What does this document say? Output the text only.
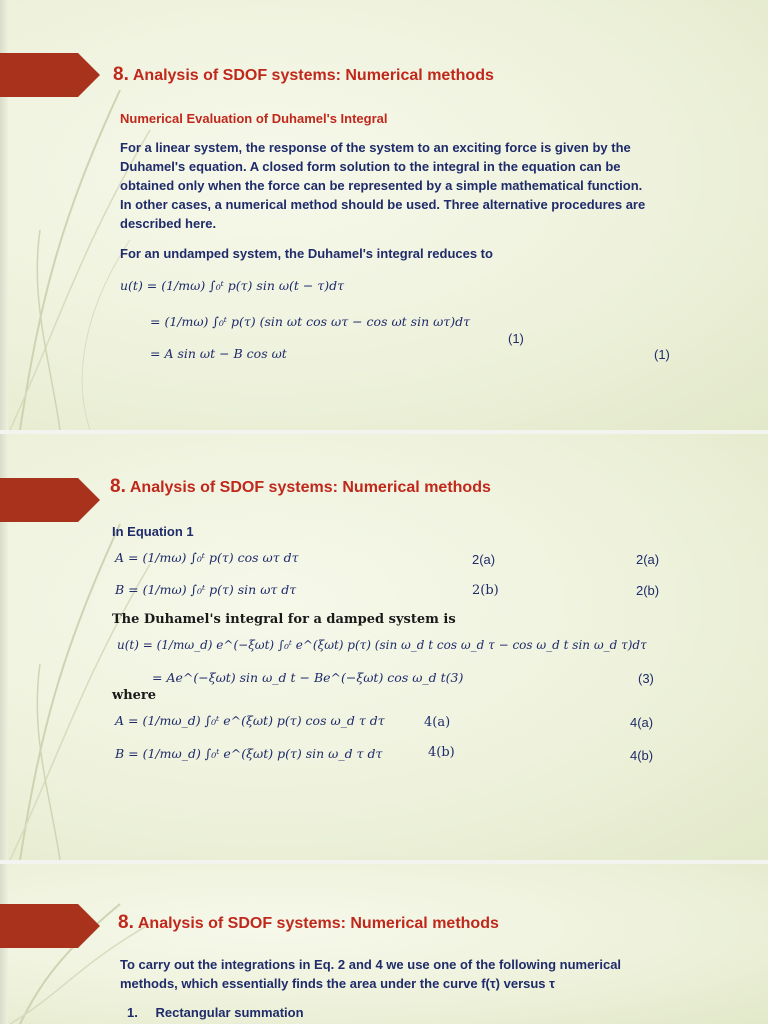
8. Analysis of SDOF systems: Numerical methods
Numerical Evaluation of Duhamel's Integral
For a linear system, the response of the system to an exciting force is given by the
Duhamel's equation. A closed form solution to the integral in the equation can be
obtained only when the force can be represented by a simple mathematical function.
In other cases, a numerical method should be used. Three alternative procedures are
described here.
For an undamped system, the Duhamel's integral reduces to
u(t) = (1/mω) ∫₀ᵗ p(τ) sin ω(t − τ)dτ
= (1/mω) ∫₀ᵗ p(τ) (sin ωt cos ωτ − cos ωt sin ωτ)dτ
(1)
= A sin ωt − B cos ωt	(1)
8. Analysis of SDOF systems: Numerical methods
In Equation 1
A = (1/mω) ∫₀ᵗ p(τ) cos ωτ dτ	2(a)	2(a)
B = (1/mω) ∫₀ᵗ p(τ) sin ωτ dτ	2(b)	2(b)
The Duhamel's integral for a damped system is
u(t) = (1/mω_d) e^(−ξωt) ∫₀ᵗ e^(ξωt) p(τ) (sin ω_d t cos ω_d τ − cos ω_d t sin ω_d τ)dτ
= Ae^(−ξωt) sin ω_d t − Be^(−ξωt) cos ω_d t(3)	(3)
where
A = (1/mω_d) ∫₀ᵗ e^(ξωt) p(τ) cos ω_d τ dτ	4(a)	4(a)
B = (1/mω_d) ∫₀ᵗ e^(ξωt) p(τ) sin ω_d τ dτ	4(b)	4(b)
8. Analysis of SDOF systems: Numerical methods
To carry out the integrations in Eq. 2 and 4 we use one of the following numerical
methods, which essentially finds the area under the curve f(τ) versus τ
1. Rectangular summation
